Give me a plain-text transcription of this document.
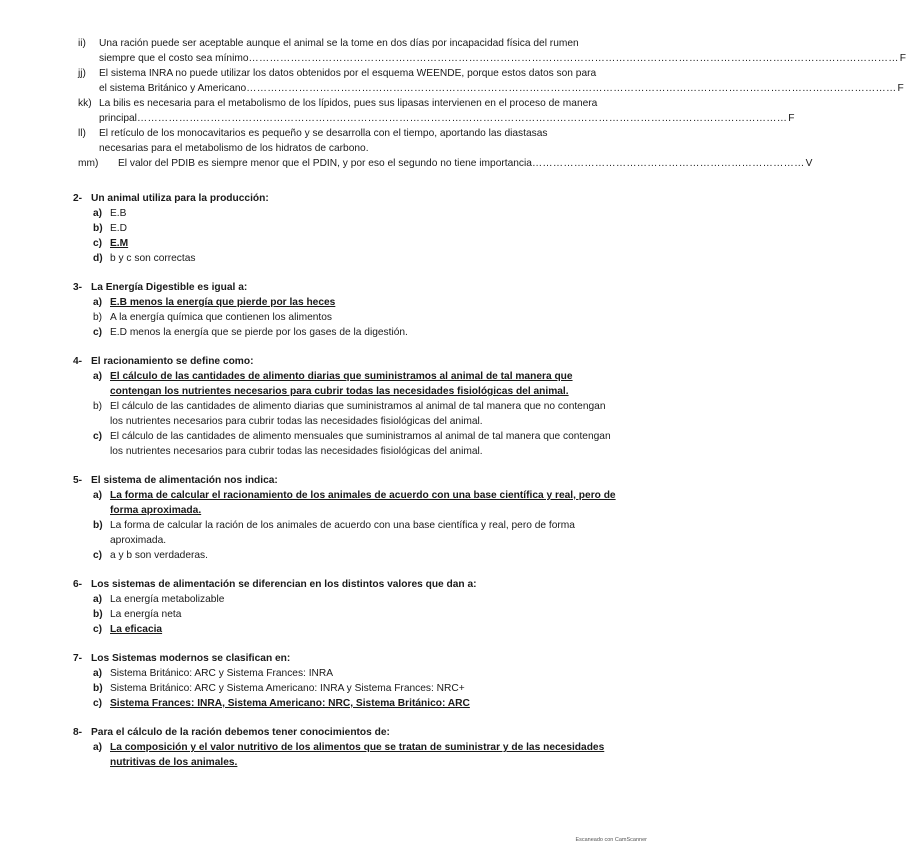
ii) Una ración puede ser aceptable aunque el animal se la tome en dos días por incapacidad física del rumen
siempre que el costo sea mínimo …………………………………………………………………………………………………………………………………………………………………… F
jj) El sistema INRA no puede utilizar los datos obtenidos por el esquema WEENDE, porque estos datos son para
el sistema Británico y Americano …………………………………………………………………………………………………………………………………………………………………… F
kk) La bilis es necesaria para el metabolismo de los lípidos, pues sus lipasas intervienen en el proceso de manera
principal …………………………………………………………………………………………………………………………………………………………………… F
ll) El retículo de los monocavitarios es pequeño y se desarrolla con el tiempo, aportando las diastasas
necesarias para el metabolismo de los hidratos de carbono.
mm) El valor del PDIB es siempre menor que el PDIN, y por eso el segundo no tiene importancia …………………………………………………………………… V
2- Un animal utiliza para la producción:
a) E.B
b) E.D
c) E.M
d) b y c son correctas
3- La Energía Digestible es igual a:
a) E.B menos la energía que pierde por las heces
b) A la energía química que contienen los alimentos
c) E.D menos la energía que se pierde por los gases de la digestión.
4- El racionamiento se define como:
a) El cálculo de las cantidades de alimento diarias que suministramos al animal de tal manera que contengan los nutrientes necesarios para cubrir todas las necesidades fisiológicas del animal.
b) El cálculo de las cantidades de alimento diarias que suministramos al animal de tal manera que no contengan los nutrientes necesarios para cubrir todas las necesidades fisiológicas del animal.
c) El cálculo de las cantidades de alimento mensuales que suministramos al animal de tal manera que contengan los nutrientes necesarios para cubrir todas las necesidades fisiológicas del animal.
5- El sistema de alimentación nos indica:
a) La forma de calcular el racionamiento de los animales de acuerdo con una base científica y real, pero de forma aproximada.
b) La forma de calcular la ración de los animales de acuerdo con una base científica y real, pero de forma aproximada.
c) a y b son verdaderas.
6- Los sistemas de alimentación se diferencian en los distintos valores que dan a:
a) La energía metabolizable
b) La energía neta
c) La eficacia
7- Los Sistemas modernos se clasifican en:
a) Sistema Británico: ARC y Sistema Frances: INRA
b) Sistema Británico: ARC y Sistema Americano: INRA y Sistema Frances: NRC+
c) Sistema Frances: INRA, Sistema Americano: NRC, Sistema Británico: ARC
8- Para el cálculo de la ración debemos tener conocimientos de:
a) La composición y el valor nutritivo de los alimentos que se tratan de suministrar y de las necesidades nutritivas de los animales.
Escaneado con CamScanner
